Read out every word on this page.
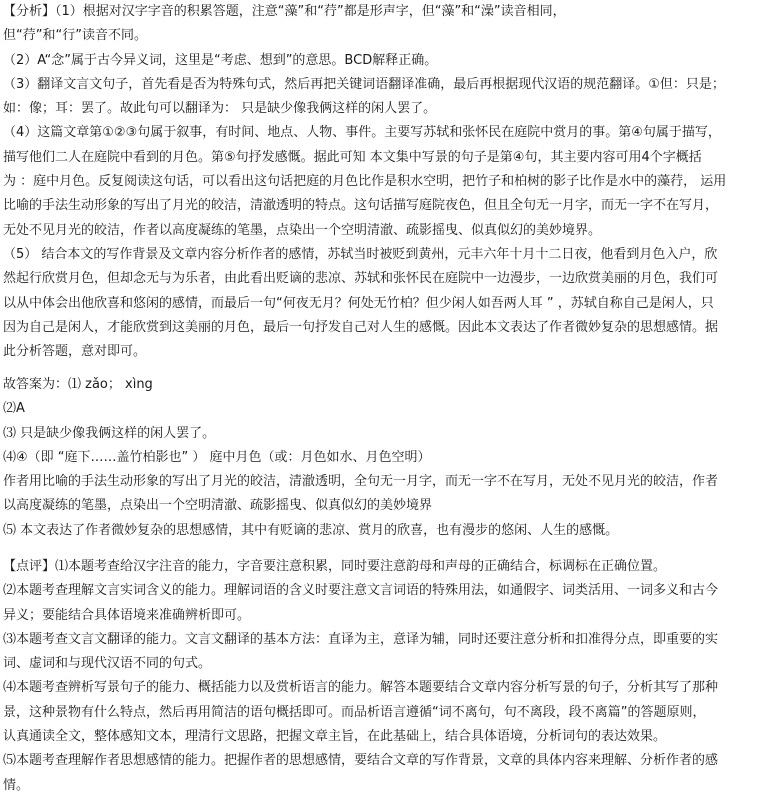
【分析】（1）根据对汉字字音的积累答题，注意“藻”和“荇”都是形声字，但“藻”和“澡”读音相同，
但“荇”和“行”读音不同。
（2）A“念”属于古今异义词，这里是“考虑、想到”的意思。BCD解释正确。
（3）翻译文言文句子，首先看是否为特殊句式，然后再把关键词语翻译准确，最后再根据现代汉语的规范翻译。①但：只是；
如：像；耳：罢了。故此句可以翻译为： 只是缺少像我俩这样的闲人罢了。
（4）这篇文章第①②③句属于叙事，有时间、地点、人物、事件。主要写苏轼和张怀民在庭院中赏月的事。第④句属于描写，
描写他们二人在庭院中看到的月色。第⑤句抒发感慨。据此可知 本文集中写景的句子是第④句，其主要内容可用4个字概括
为 ：庭中月色。反复阅读这句话，可以看出这句话把庭的月色比作是积水空明，把竹子和柏树的影子比作是水中的藻荇， 运用
比喻的手法生动形象的写出了月光的皎洁，清澈透明的特点。这句话描写庭院夜色，但且全句无一月字，而无一字不在写月，
无处不见月光的皎洁，作者以高度凝练的笔墨，点染出一个空明清澈、疏影摇曳、似真似幻的美妙境界。
（5） 结合本文的写作背景及文章内容分析作者的感情，苏轼当时被贬到黄州，元丰六年十月十二日夜，他看到月色入户，欣
然起行欣赏月色，但却念无与为乐者，由此看出贬谪的悲凉、苏轼和张怀民在庭院中一边漫步，一边欣赏美丽的月色，我们可
以从中体会出他欣喜和悠闲的感情，而最后一句“何夜无月？何处无竹柏？但少闲人如吾两人耳 ” ，苏轼自称自己是闲人，只
因为自己是闲人，才能欣赏到这美丽的月色，最后一句抒发自己对人生的感慨。因此本文表达了作者微妙复杂的思想感情。据
此分析答题，意对即可。
故答案为：⑴ zǎo； xìng
⑵A
⑶ 只是缺少像我俩这样的闲人罢了。
⑷④（即 “庭下……盖竹柏影也” ） 庭中月色（或：月色如水、月色空明）
作者用比喻的手法生动形象的写出了月光的皎洁，清澈透明，全句无一月字，而无一字不在写月，无处不见月光的皎洁，作者
以高度凝练的笔墨，点染出一个空明清澈、疏影摇曳、似真似幻的美妙境界
⑸ 本文表达了作者微妙复杂的思想感情，其中有贬谪的悲凉、赏月的欣喜，也有漫步的悠闲、人生的感慨。
【点评】⑴本题考查给汉字注音的能力，字音要注意积累，同时要注意韵母和声母的正确结合，标调标在正确位置。
⑵本题考查理解文言实词含义的能力。理解词语的含义时要注意文言词语的特殊用法，如通假字、词类活用、一词多义和古今
异义；要能结合具体语境来准确辨析即可。
⑶本题考查文言文翻译的能力。文言文翻译的基本方法：直译为主，意译为辅，同时还要注意分析和扣准得分点，即重要的实
词、虚词和与现代汉语不同的句式。
⑷本题考查辨析写景句子的能力、概括能力以及赏析语言的能力。解答本题要结合文章内容分析写景的句子，分析其写了那种
景，这种景物有什么特点，然后再用简洁的语句概括即可。而品析语言遵循“词不离句，句不离段，段不离篇”的答题原则，
认真通读全文，整体感知文本，理清行文思路，把握文章主旨，在此基础上，结合具体语境，分析词句的表达效果。
⑸本题考查理解作者思想感情的能力。把握作者的思想感情，要结合文章的写作背景，文章的具体内容来理解、分析作者的感
情。
